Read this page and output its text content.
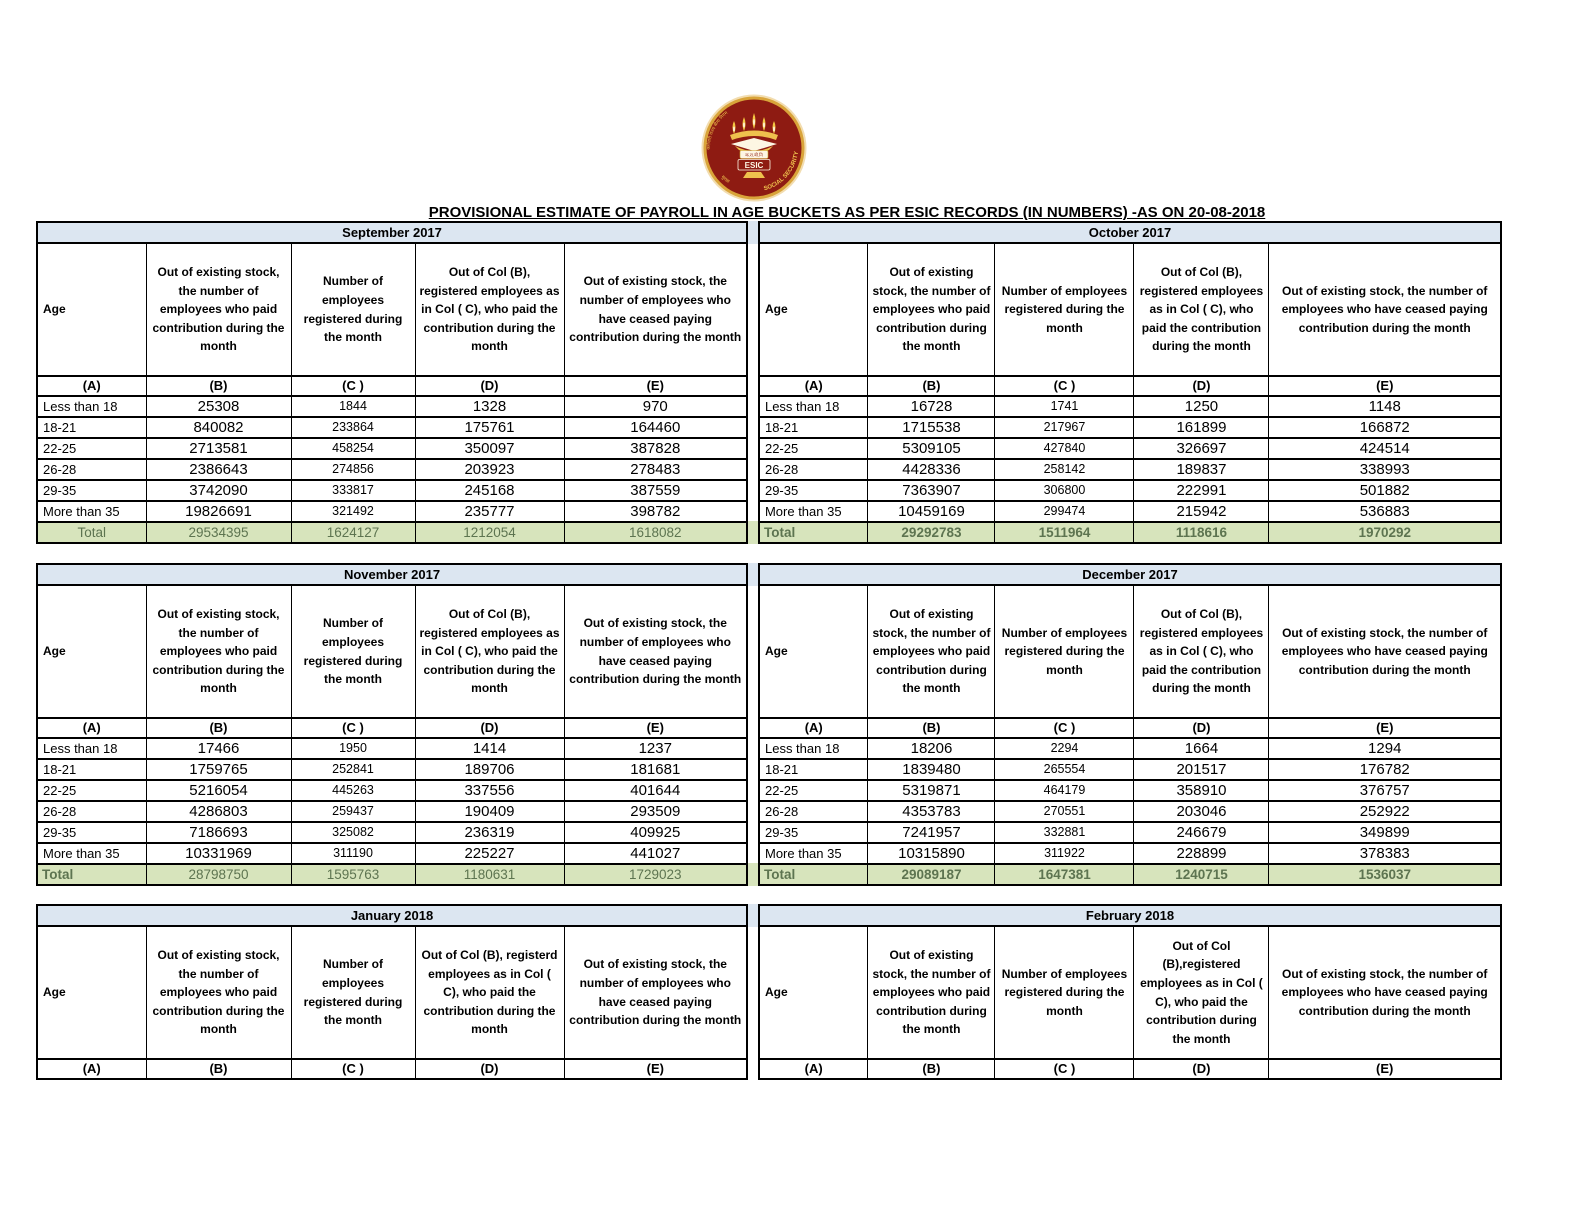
क.रा.बी.नि
ESIC
SOCIAL SECURITY
कर्मचारी राज्य बीमा निगम
सुरक्षा
PROVISIONAL ESTIMATE OF PAYROLL IN AGE BUCKETS AS PER ESIC RECORDS (IN NUMBERS) -AS ON 20-08-2018
September 2017				
Age	Out of existing stock, the number of employees who paid contribution during the month	Number of employees registered during the month	Out of Col (B), registered employees as in Col ( C), who paid the contribution during the month	Out of existing stock, the number of employees who have ceased paying contribution during the month
(A)	(B)	(C )	(D)	(E)
Less than 18	25308	1844	1328	970
18-21	840082	233864	175761	164460
22-25	2713581	458254	350097	387828
26-28	2386643	274856	203923	278483
29-35	3742090	333817	245168	387559
More than 35	19826691	321492	235777	398782
Total	29534395	1624127	1212054	1618082
October 2017				
Age	Out of existing stock, the number of employees who paid contribution during the month	Number of employees registered during the month	Out of Col (B), registered employees as in Col ( C), who paid the contribution during the month	Out of existing stock, the number of employees who have ceased paying contribution during the month
(A)	(B)	(C )	(D)	(E)
Less than 18	16728	1741	1250	1148
18-21	1715538	217967	161899	166872
22-25	5309105	427840	326697	424514
26-28	4428336	258142	189837	338993
29-35	7363907	306800	222991	501882
More than 35	10459169	299474	215942	536883
Total	29292783	1511964	1118616	1970292
November 2017				
Age	Out of existing stock, the number of employees who paid contribution during the month	Number of employees registered during the month	Out of Col (B), registered employees as in Col ( C), who paid the contribution during the month	Out of existing stock, the number of employees who have ceased paying contribution during the month
(A)	(B)	(C )	(D)	(E)
Less than 18	17466	1950	1414	1237
18-21	1759765	252841	189706	181681
22-25	5216054	445263	337556	401644
26-28	4286803	259437	190409	293509
29-35	7186693	325082	236319	409925
More than 35	10331969	311190	225227	441027
Total	28798750	1595763	1180631	1729023
December 2017				
Age	Out of existing stock, the number of employees who paid contribution during the month	Number of employees registered during the month	Out of Col (B), registered employees as in Col ( C), who paid the contribution during the month	Out of existing stock, the number of employees who have ceased paying contribution during the month
(A)	(B)	(C )	(D)	(E)
Less than 18	18206	2294	1664	1294
18-21	1839480	265554	201517	176782
22-25	5319871	464179	358910	376757
26-28	4353783	270551	203046	252922
29-35	7241957	332881	246679	349899
More than 35	10315890	311922	228899	378383
Total	29089187	1647381	1240715	1536037
January 2018				
Age	Out of existing stock, the number of employees who paid contribution during the month	Number of employees registered during the month	Out of Col (B), registerd employees as in Col ( C), who paid the contribution during the month	Out of existing stock, the number of employees who have ceased paying contribution during the month
(A)	(B)	(C )	(D)	(E)
February 2018				
Age	Out of existing stock, the number of employees who paid contribution during the month	Number of employees registered during the month	Out of Col (B),registered employees as in Col ( C), who paid the contribution during the month	Out of existing stock, the number of employees who have ceased paying contribution during the month
(A)	(B)	(C )	(D)	(E)
